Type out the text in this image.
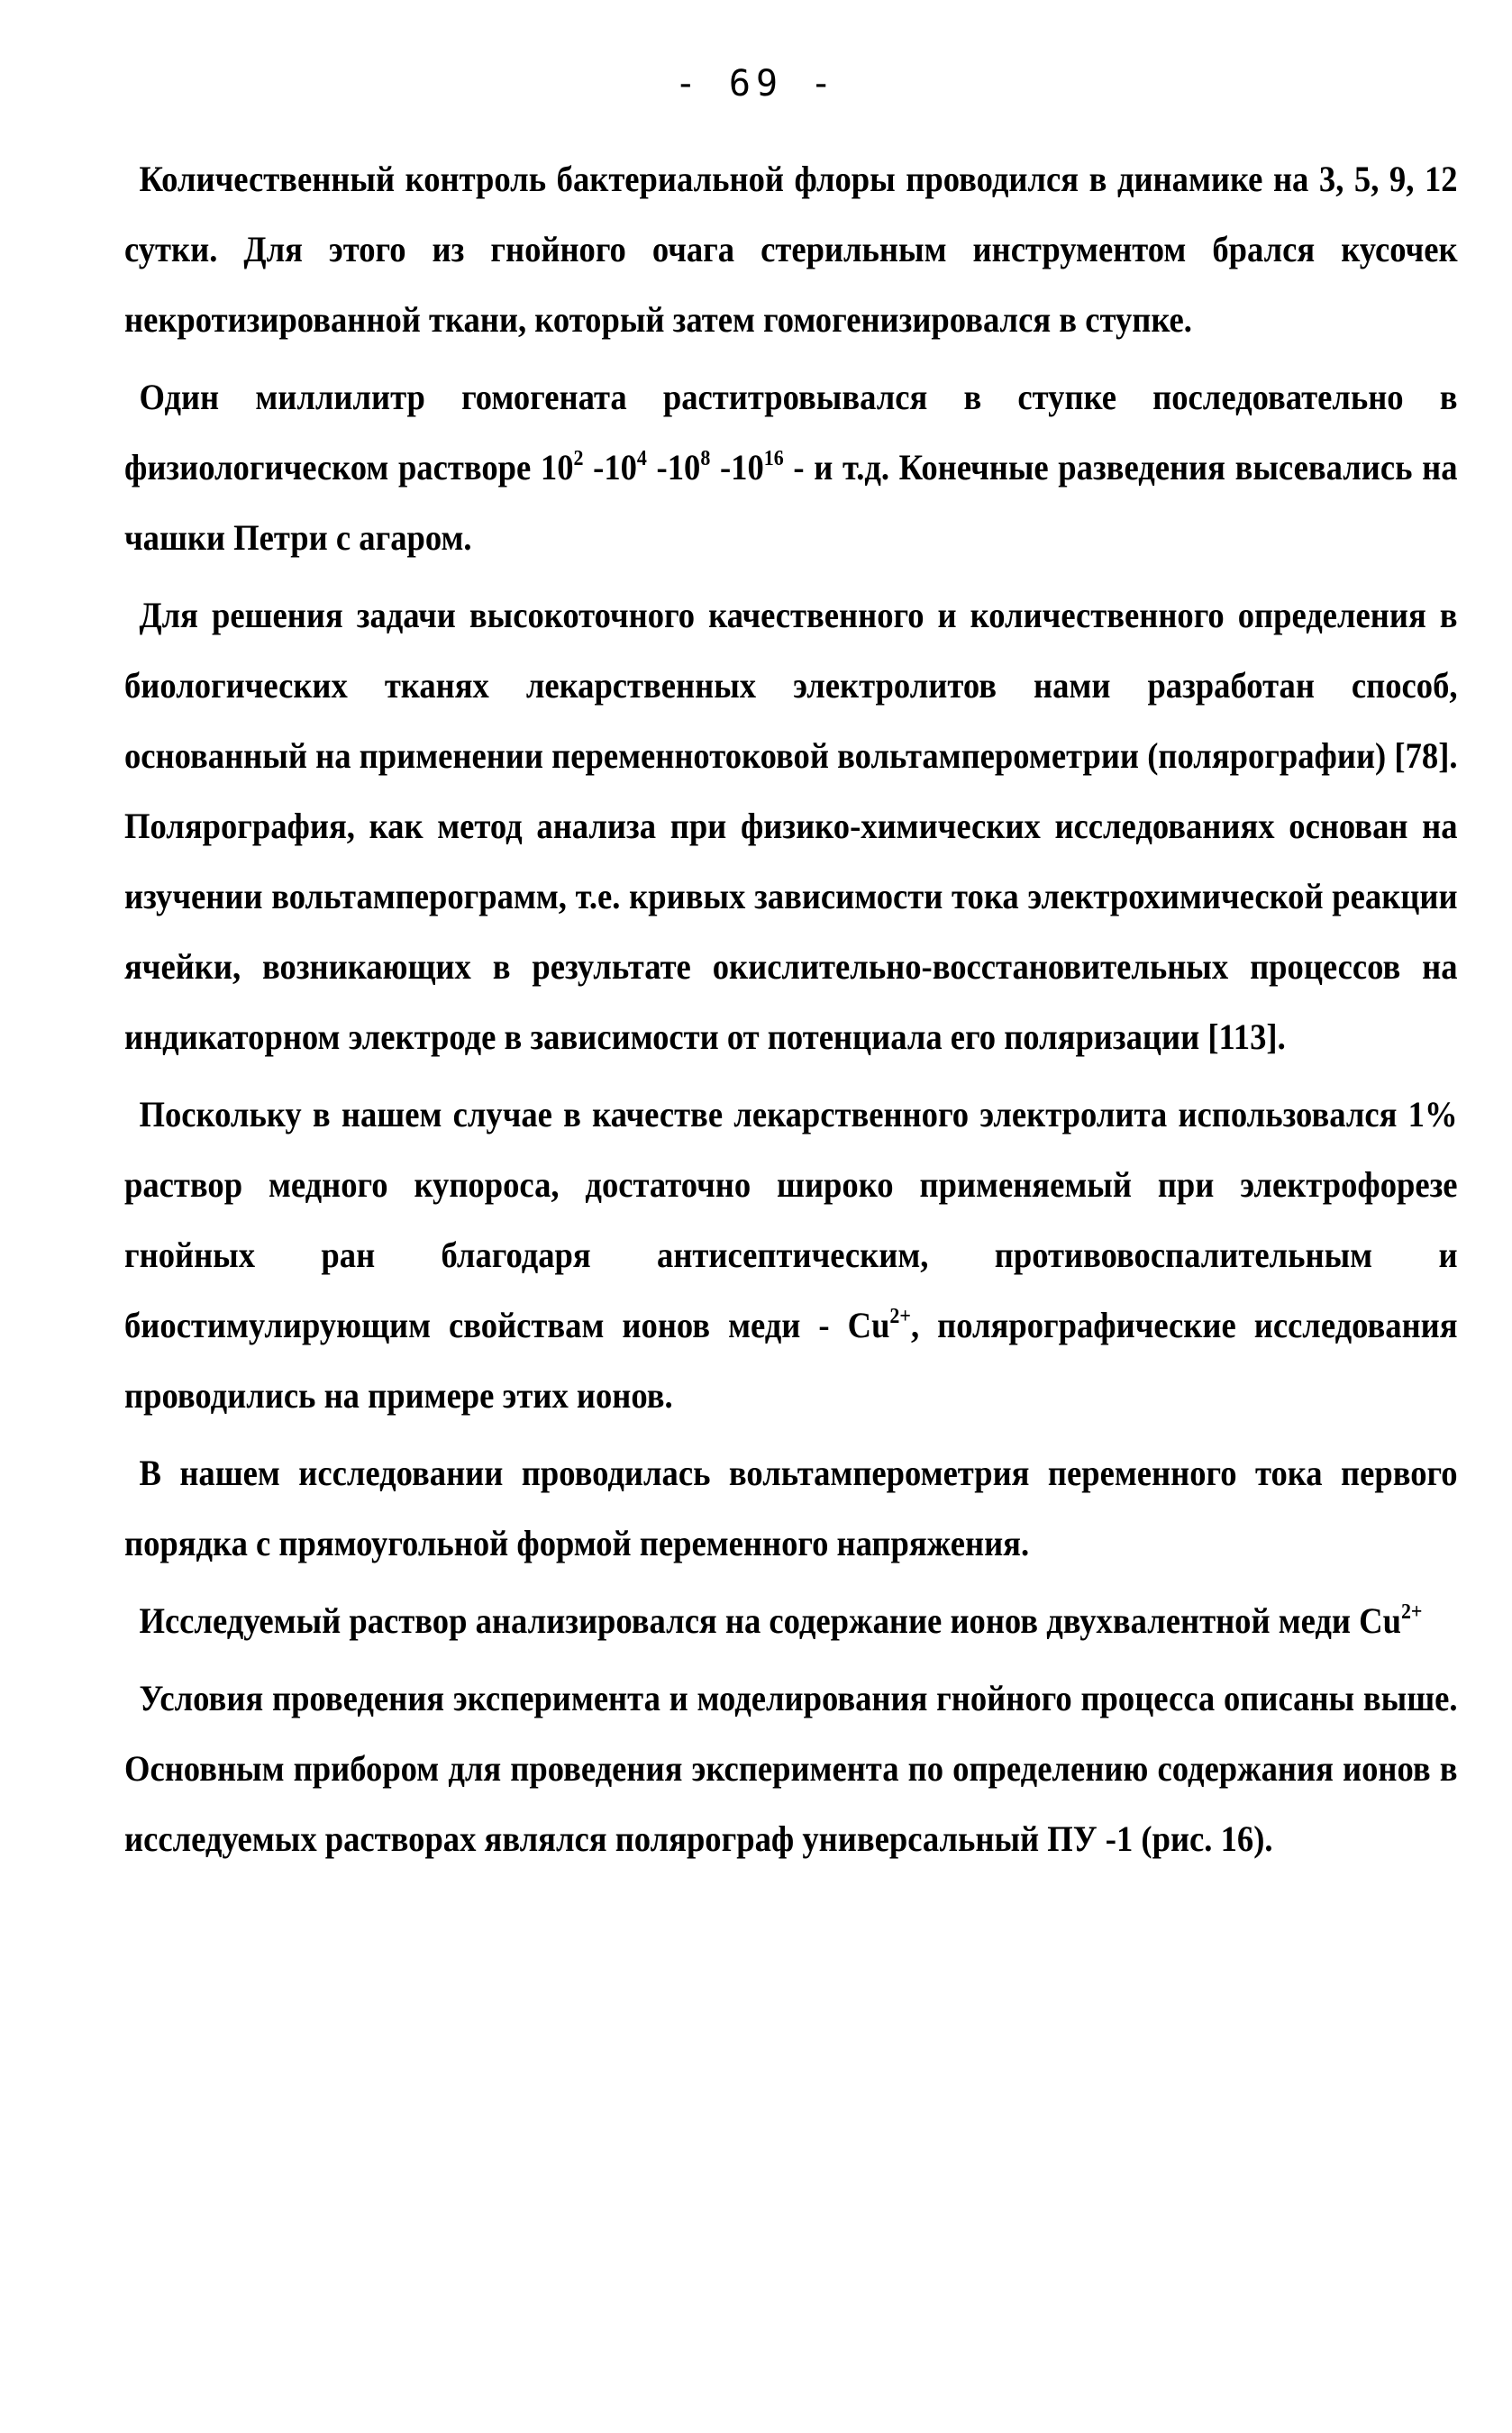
- 69 -

Количественный контроль бактериальной флоры проводился в динамике на 3, 5, 9, 12 сутки. Для этого из гнойного очага стерильным инструментом брался кусочек некротизированной ткани, который затем гомогенизировался в ступке.

Один миллилитр гомогената раститровывался в ступке последовательно в физиологическом растворе $10^2$ $-10^4$ $-10^8$ $-10^{16}$ - и т.д. Конечные разведения высевались на чашки Петри с агаром.

Для решения задачи высокоточного качественного и количественного определения в биологических тканях лекарственных электролитов нами разработан способ, основанный на применении переменнотоковой вольтамперометрии (полярографии) [78]. Полярография, как метод анализа при физико-химических исследованиях основан на изучении вольтамперограмм, т.е. кривых зависимости тока электрохимической реакции ячейки, возникающих в результате окислительно-восстановительных процессов на индикаторном электроде в зависимости от потенциала его поляризации [113].

Поскольку в нашем случае в качестве лекарственного электролита использовался 1% раствор медного купороса, достаточно широко применяемый при электрофорезе гнойных ран благодаря антисептическим, противовоспалительным и биостимулирующим свойствам ионов меди - $Cu^{2+}$, полярографические исследования проводились на примере этих ионов.

В нашем исследовании проводилась вольтамперометрия переменного тока первого порядка с прямоугольной формой переменного напряжения.

Исследуемый раствор анализировался на содержание ионов двухвалентной меди $Cu^{2+}$

Условия проведения эксперимента и моделирования гнойного процесса описаны выше. Основным прибором для проведения эксперимента по определению содержания ионов в исследуемых растворах являлся полярограф универсальный ПУ -1 (рис. 16).
